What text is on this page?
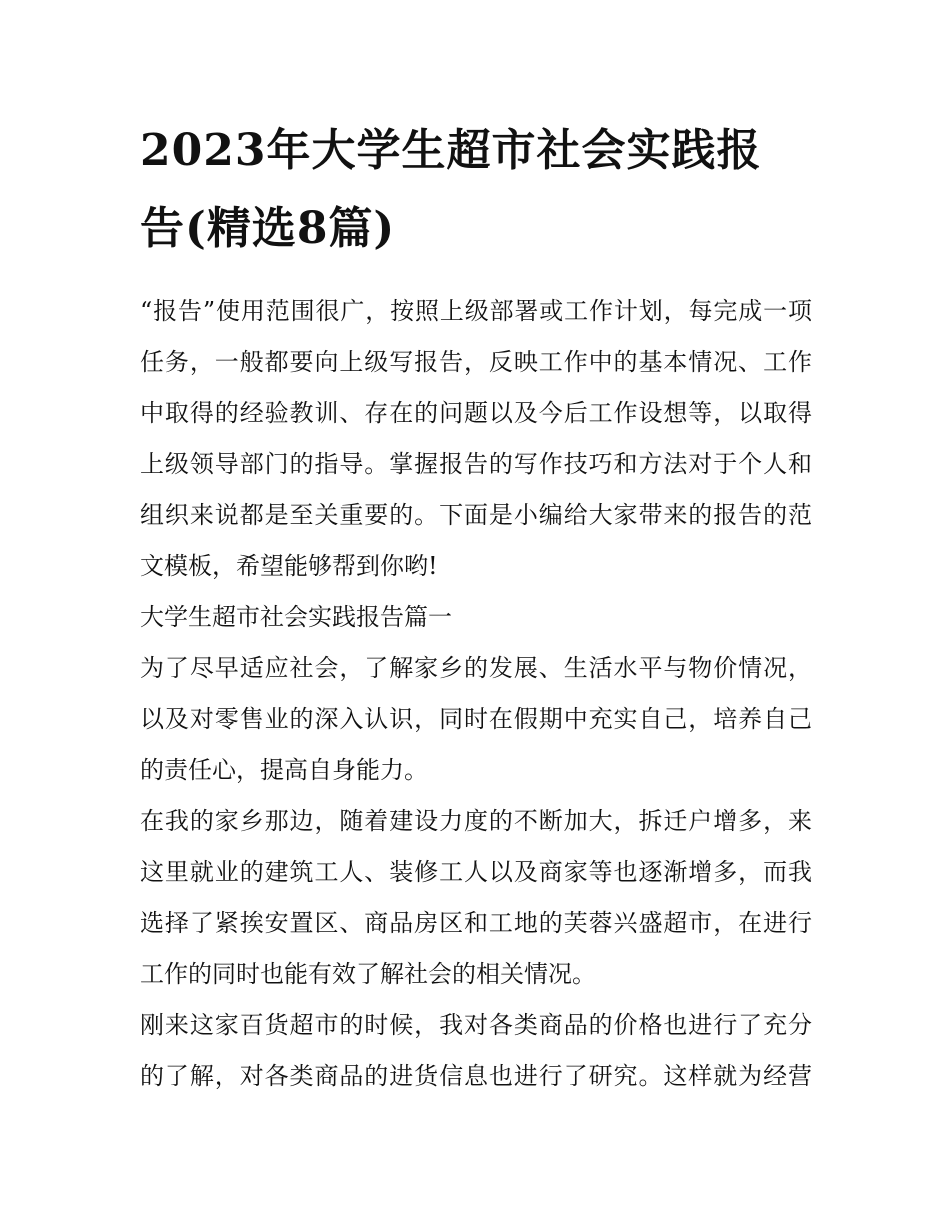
2023年大学生超市社会实践报
告(精选8篇)

“报告”使用范围很广，按照上级部署或工作计划，每完成一项
任务，一般都要向上级写报告，反映工作中的基本情况、工作
中取得的经验教训、存在的问题以及今后工作设想等，以取得
上级领导部门的指导。掌握报告的写作技巧和方法对于个人和
组织来说都是至关重要的。下面是小编给大家带来的报告的范
文模板，希望能够帮到你哟!

大学生超市社会实践报告篇一

为了尽早适应社会，了解家乡的发展、生活水平与物价情况，
以及对零售业的深入认识，同时在假期中充实自己，培养自己
的责任心，提高自身能力。

在我的家乡那边，随着建设力度的不断加大，拆迁户增多，来
这里就业的建筑工人、装修工人以及商家等也逐渐增多，而我
选择了紧挨安置区、商品房区和工地的芙蓉兴盛超市，在进行
工作的同时也能有效了解社会的相关情况。

刚来这家百货超市的时候，我对各类商品的价格也进行了充分
的了解，对各类商品的进货信息也进行了研究。这样就为经营
